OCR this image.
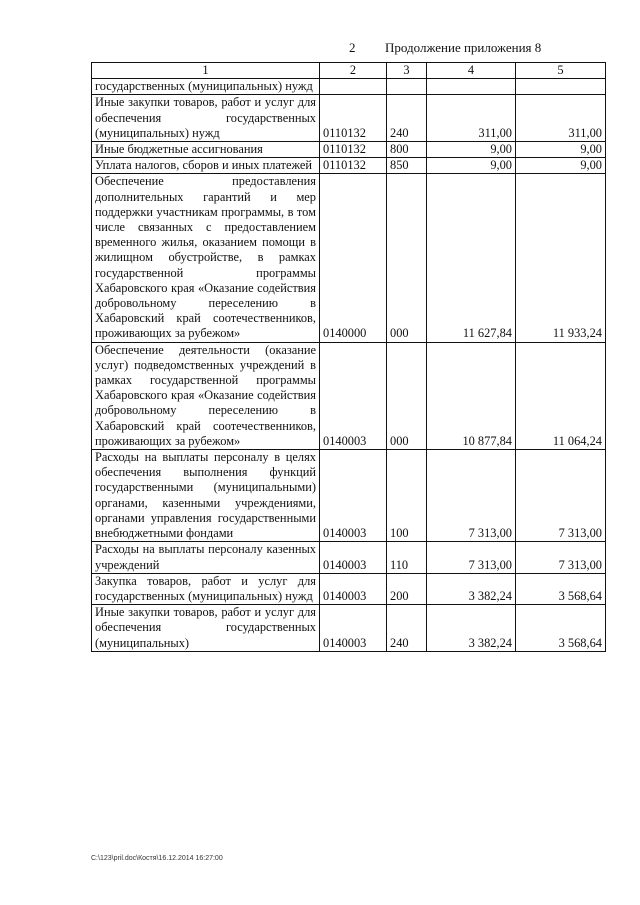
2 Продолжение приложения 8
1	2	3	4	5
государственных (муниципальных) нужд				
Иные закупки товаров, работ и услуг для обеспечения государственных (муниципальных) нужд	0110132	240	311,00	311,00
Иные бюджетные ассигнования	0110132	800	9,00	9,00
Уплата налогов, сборов и иных платежей	0110132	850	9,00	9,00
Обеспечение предоставления дополнительных гарантий и мер поддержки участникам программы, в том числе связанных с предоставлением временного жилья, оказанием помощи в жилищном обустройстве, в рамках государственной программы Хабаровского края «Оказание содействия добровольному переселению в Хабаровский край соотечественников, проживающих за рубежом»	0140000	000	11 627,84	11 933,24
Обеспечение деятельности (оказание услуг) подведомственных учреждений в рамках государственной программы Хабаровского края «Оказание содействия добровольному переселению в Хабаровский край соотечественников, проживающих за рубежом»	0140003	000	10 877,84	11 064,24
Расходы на выплаты персоналу в целях обеспечения выполнения функций государственными (муниципальными) органами, казенными учреждениями, органами управления государственными внебюджетными фондами	0140003	100	7 313,00	7 313,00
Расходы на выплаты персоналу казенных учреждений	0140003	110	7 313,00	7 313,00
Закупка товаров, работ и услуг для государственных (муниципальных) нужд	0140003	200	3 382,24	3 568,64
Иные закупки товаров, работ и услуг для обеспечения государственных (муниципальных)	0140003	240	3 382,24	3 568,64
C:\123\pril.doc\Костя\16.12.2014 16:27:00
